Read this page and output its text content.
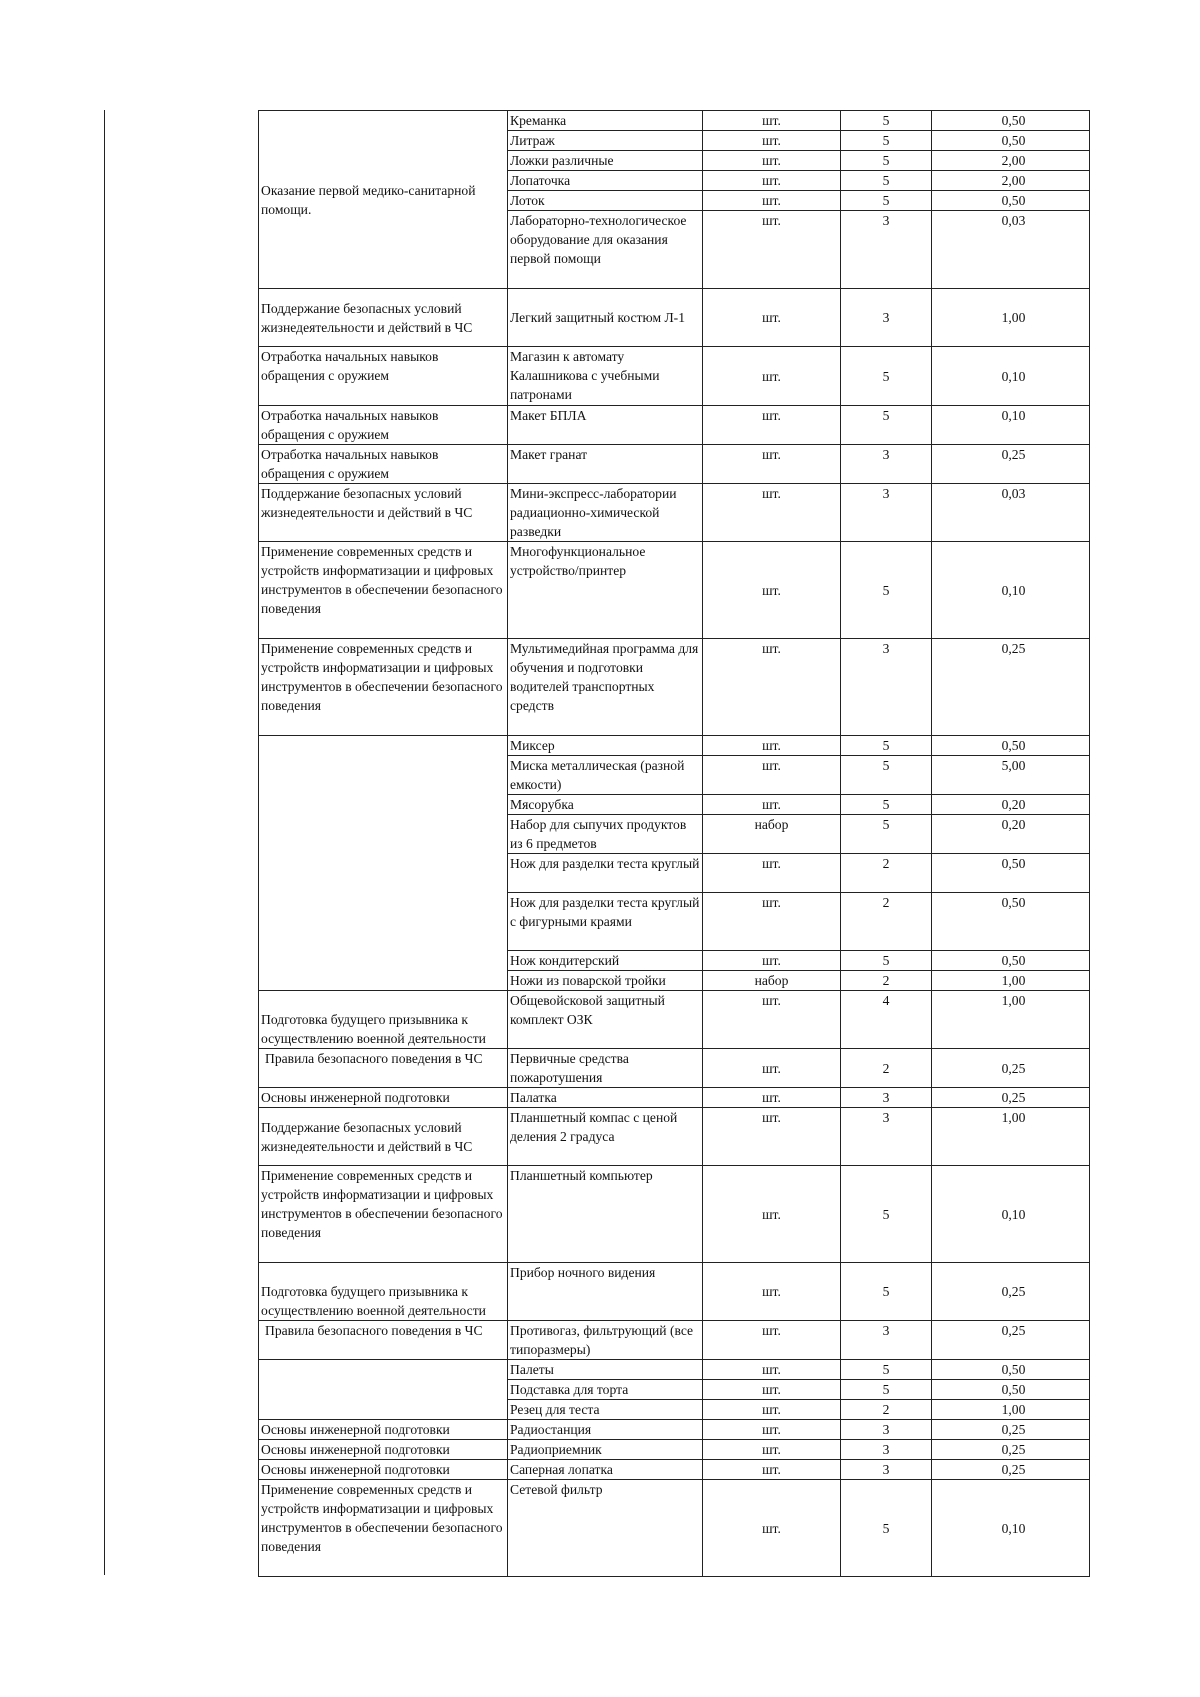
Оказание первой медико-санитарной помощи.	Креманка	шт.	5	0,50
	Литраж	шт.	5	0,50
	Ложки различные	шт.	5	2,00
	Лопаточка	шт.	5	2,00
	Лоток	шт.	5	0,50
	Лабораторно-технологическое оборудование для оказания первой помощи	шт.	3	0,03
Поддержание безопасных условий жизнедеятельности и действий в ЧС	Легкий защитный костюм Л-1	шт.	3	1,00
Отработка начальных навыков обращения с оружием	Магазин к автомату Калашникова с учебными патронами	шт.	5	0,10
Отработка начальных навыков обращения с оружием	Макет БПЛА	шт.	5	0,10
Отработка начальных навыков обращения с оружием	Макет гранат	шт.	3	0,25
Поддержание безопасных условий жизнедеятельности и действий в ЧС	Мини-экспресс-лаборатории радиационно-химической разведки	шт.	3	0,03
Применение современных средств и устройств информатизации и цифровых инструментов в обеспечении безопасного поведения	Многофункциональное устройство/принтер	шт.	5	0,10
Применение современных средств и устройств информатизации и цифровых инструментов в обеспечении безопасного поведения	Мультимедийная программа для обучения и подготовки водителей транспортных средств	шт.	3	0,25
	Миксер	шт.	5	0,50
	Миска металлическая (разной емкости)	шт.	5	5,00
	Мясорубка	шт.	5	0,20
	Набор для сыпучих продуктов из 6 предметов	набор	5	0,20
	Нож для разделки теста круглый	шт.	2	0,50
	Нож для разделки теста круглый с фигурными краями	шт.	2	0,50
	Нож кондитерский	шт.	5	0,50
	Ножи из поварской тройки	набор	2	1,00
Подготовка будущего призывника к осуществлению военной деятельности	Общевойсковой защитный комплект ОЗК	шт.	4	1,00
Правила безопасного поведения в ЧС	Первичные средства пожаротушения	шт.	2	0,25
Основы инженерной подготовки	Палатка	шт.	3	0,25
Поддержание безопасных условий жизнедеятельности и действий в ЧС	Планшетный компас с ценой деления 2 градуса	шт.	3	1,00
Применение современных средств и устройств информатизации и цифровых инструментов в обеспечении безопасного поведения	Планшетный компьютер	шт.	5	0,10
Подготовка будущего призывника к осуществлению военной деятельности	Прибор ночного видения	шт.	5	0,25
Правила безопасного поведения в ЧС	Противогаз, фильтрующий (все типоразмеры)	шт.	3	0,25
	Палеты	шт.	5	0,50
	Подставка для торта	шт.	5	0,50
	Резец для теста	шт.	2	1,00
Основы инженерной подготовки	Радиостанция	шт.	3	0,25
Основы инженерной подготовки	Радиоприемник	шт.	3	0,25
Основы инженерной подготовки	Саперная лопатка	шт.	3	0,25
Применение современных средств и устройств информатизации и цифровых инструментов в обеспечении безопасного поведения	Сетевой фильтр	шт.	5	0,10
